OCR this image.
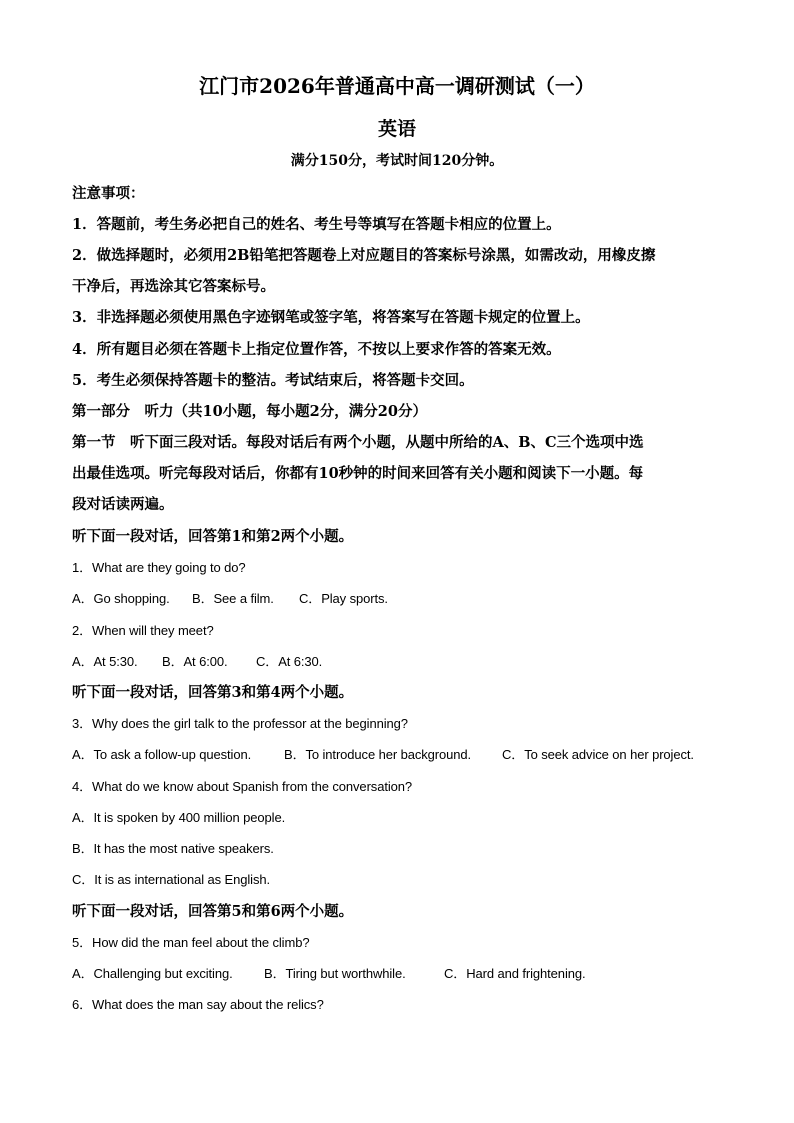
江门市2026年普通高中高一调研测试（一）
英语
满分150分，考试时间120分钟。
注意事项：
1．答题前，考生务必把自己的姓名、考生号等填写在答题卡相应的位置上。
2．做选择题时，必须用2B铅笔把答题卷上对应题目的答案标号涂黑，如需改动，用橡皮擦
干净后，再选涂其它答案标号。
3．非选择题必须使用黑色字迹钢笔或签字笔，将答案写在答题卡规定的位置上。
4．所有题目必须在答题卡上指定位置作答，不按以上要求作答的答案无效。
5．考生必须保持答题卡的整洁。考试结束后，将答题卡交回。
第一部分　听力（共10小题，每小题2分，满分20分）
第一节　听下面三段对话。每段对话后有两个小题，从题中所给的A、B、C三个选项中选
出最佳选项。听完每段对话后，你都有10秒钟的时间来回答有关小题和阅读下一小题。每
段对话读两遍。
听下面一段对话，回答第1和第2两个小题。
1．What are they going to do?
A．Go shopping. B．See a film. C．Play sports.
2．When will they meet?
A．At 5:30. B．At 6:00. C．At 6:30.
听下面一段对话，回答第3和第4两个小题。
3．Why does the girl talk to the professor at the beginning?
A．To ask a follow-up question.	B．To introduce her background. C．To seek advice on her project.
4．What do we know about Spanish from the conversation?
A．It is spoken by 400 million people.
B．It has the most native speakers.
C．It is as international as English.
听下面一段对话，回答第5和第6两个小题。
5．How did the man feel about the climb?
A．Challenging but exciting. B．Tiring but worthwhile.	C．Hard and frightening.
6．What does the man say about the relics?
